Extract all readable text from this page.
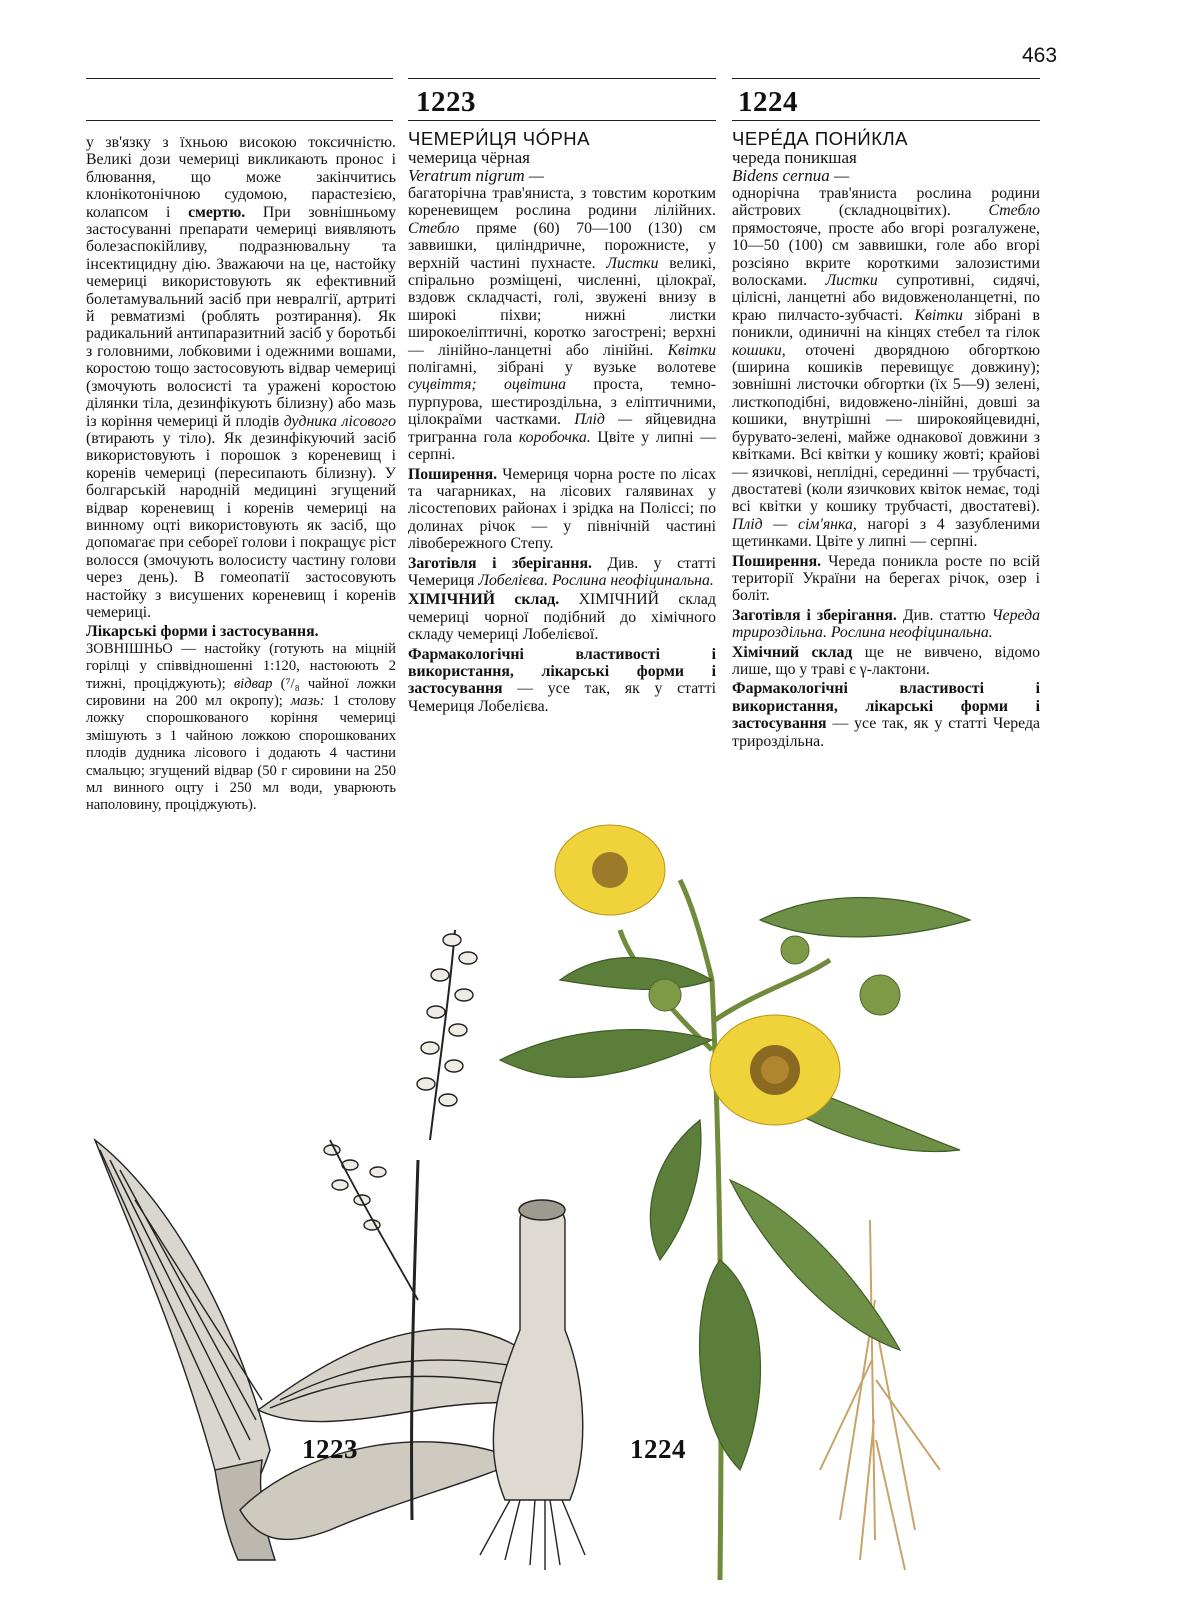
463
1223	1224

у зв'язку з їхньою високою токсичністю. Великі дози чемериці викликають пронос і блювання, що може закінчитись клонікотонічною судомою, парастезією, колапсом і смертю. При зовнішньому застосуванні препарати чемериці виявляють болезаспокійливу, подразнювальну та інсектицидну дію. Зважаючи на це, настойку чемериці використовують як ефективний болетамувальний засіб при невралгії, артриті й ревматизмі (роблять розтирання). Як радикальний антипаразитний засіб у боротьбі з головними, лобковими і одежними вошами, коростою тощо застосовують відвар чемериці (змочують волосисті та уражені коростою ділянки тіла, дезинфікують білизну) або мазь із коріння чемериці й плодів дудника лісового (втирають у тіло). Як дезинфікуючий засіб використовують і порошок з кореневищ і коренів чемериці (пересипають білизну). У болгарській народній медицині згущений відвар кореневищ і коренів чемериці на винному оцті використовують як засіб, що допомагає при себореї голови і покращує ріст волосся (змочують волосисту частину голови через день). В гомеопатії застосовують настойку з висушених кореневищ і коренів чемериці.

Лікарські форми і застосування.

ЗОВНІШНЬО — настойку (готують на міцній горілці у співвідношенні 1:120, настоюють 2 тижні, проціджують); відвар (⁷/₈ чайної ложки сировини на 200 мл окропу); мазь: 1 столову ложку спорошкованого коріння чемериці змішують з 1 чайною ложкою спорошкованих плодів дудника лісового і додають 4 частини смальцю; згущений відвар (50 г сировини на 250 мл винного оцту і 250 мл води, уварюють наполовину, проціджують).

ЧЕМЕРИ́ЦЯ ЧО́РНА
чемерица чёрная
Veratrum nigrum —

багаторічна трав'яниста, з товстим коротким кореневищем рослина родини лілійних. Стебло пряме (60) 70—100 (130) см заввишки, циліндричне, порожнисте, у верхній частині пухнасте. Листки великі, спірально розміщені, численні, цілокраї, вздовж складчасті, голі, звужені внизу в широкі піхви; нижні листки широкоеліптичні, коротко загострені; верхні — лінійно-ланцетні або лінійні. Квітки полігамні, зібрані у вузьке волотеве суцвіття; оцвітина проста, темно-пурпурова, шестироздільна, з еліптичними, цілокраїми частками. Плід — яйцевидна тригранна гола коробочка. Цвіте у липні — серпні.

Поширення. Чемериця чорна росте по лісах та чагарниках, на лісових галявинах у лісостепових районах і зрідка на Поліссі; по долинах річок — у північній частині лівобережного Степу.

Заготівля і зберігання. Див. у статті Чемериця Лобелієва. Рослина неофіцинальна.

ХІМІЧНИЙ склад. ХІМІЧНИЙ склад чемериці чорної подібний до хімічного складу чемериці Лобелієвої.

Фармакологічні властивості і використання, лікарські форми і застосування — усе так, як у статті Чемериця Лобелієва.

ЧЕРЕ́ДА ПОНИ́КЛА
череда поникшая
Bidens cernua —

однорічна трав'яниста рослина родини айстрових (складноцвітих). Стебло прямостояче, просте або вгорі розгалужене, 10—50 (100) см заввишки, голе або вгорі розсіяно вкрите короткими залозистими волосками. Листки супротивні, сидячі, цілісні, ланцетні або видовженоланцетні, по краю пилчасто-зубчасті. Квітки зібрані в поникли, одиничні на кінцях стебел та гілок кошики, оточені дворядною обгорткою (ширина кошиків перевищує довжину); зовнішні листочки обгортки (їх 5—9) зелені, листкоподібні, видовжено-лінійні, довші за кошики, внутрішні — широкояйцевидні, бурувато-зелені, майже однакової довжини з квітками. Всі квітки у кошику жовті; крайові — язичкові, неплідні, серединні — трубчасті, двостатеві (коли язичкових квіток немає, тоді всі квітки у кошику трубчасті, двостатеві). Плід — сім'янка, нагорі з 4 зазубленими щетинками. Цвіте у липні — серпні.

Поширення. Череда поникла росте по всій території України на берегах річок, озер і боліт.

Заготівля і зберігання. Див. статтю Череда трироздільна. Рослина неофіцинальна.

Хімічний склад ще не вивчено, відомо лише, що у траві є γ-лактони.

Фармакологічні властивості і використання, лікарські форми і застосування — усе так, як у статті Череда трироздільна.

1223	1224
